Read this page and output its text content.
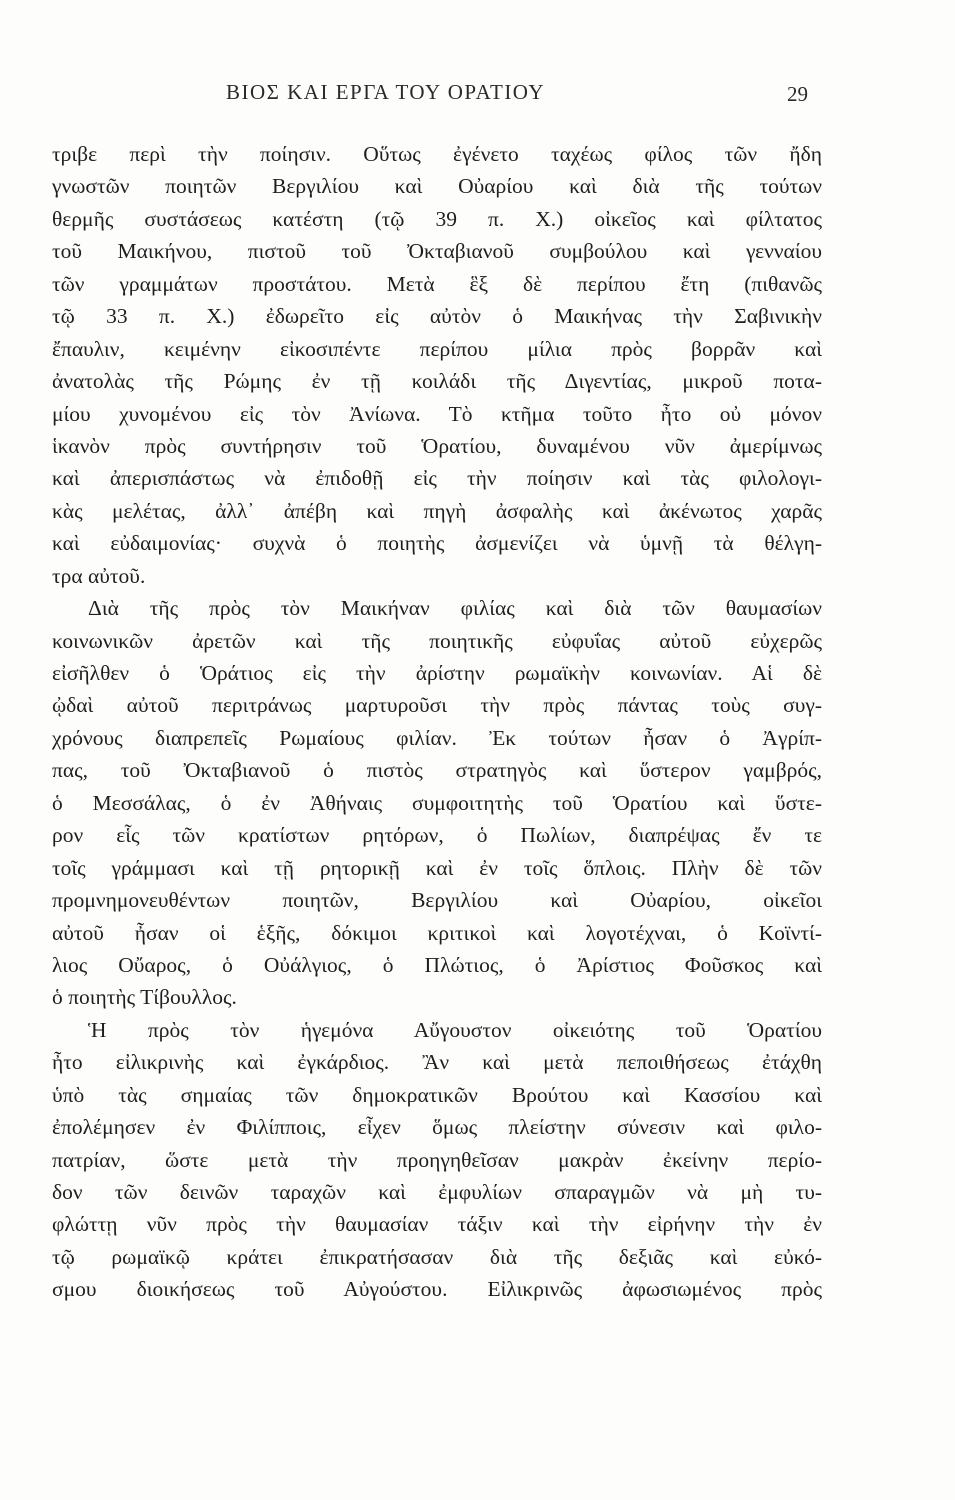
ΒΙΟΣ ΚΑΙ ΕΡΓΑ ΤΟΥ ΟΡΑΤΙΟΥ	29
τριβε περὶ τὴν ποίησιν. Οὕτως ἐγένετο ταχέως φίλος τῶν ἤδη
γνωστῶν ποιητῶν Βεργιλίου καὶ Οὐαρίου καὶ διὰ τῆς τούτων
θερμῆς συστάσεως κατέστη (τῷ 39 π. Χ.) οἰκεῖος καὶ φίλτατος
τοῦ Μαικήνου, πιστοῦ τοῦ Ὀκταβιανοῦ συμβούλου καὶ γενναίου
τῶν γραμμάτων προστάτου. Μετὰ ἓξ δὲ περίπου ἔτη (πιθανῶς
τῷ 33 π. Χ.) ἐδωρεῖτο εἰς αὐτὸν ὁ Μαικήνας τὴν Σαβινικὴν
ἔπαυλιν, κειμένην εἰκοσιπέντε περίπου μίλια πρὸς βορρᾶν καὶ
ἀνατολὰς τῆς Ρώμης ἐν τῇ κοιλάδι τῆς Διγεντίας, μικροῦ ποτα-
μίου χυνομένου εἰς τὸν Ἀνίωνα. Τὸ κτῆμα τοῦτο ἦτο οὐ μόνον
ἱκανὸν πρὸς συντήρησιν τοῦ Ὁρατίου, δυναμένου νῦν ἀμερίμνως
καὶ ἀπερισπάστως νὰ ἐπιδοθῇ εἰς τὴν ποίησιν καὶ τὰς φιλολογι-
κὰς μελέτας, ἀλλ᾽ ἀπέβη καὶ πηγὴ ἀσφαλὴς καὶ ἀκένωτος χαρᾶς
καὶ εὐδαιμονίας· συχνὰ ὁ ποιητὴς ἀσμενίζει νὰ ὑμνῇ τὰ θέλγη-
τρα αὐτοῦ.
Διὰ τῆς πρὸς τὸν Μαικήναν φιλίας καὶ διὰ τῶν θαυμασίων
κοινωνικῶν ἀρετῶν καὶ τῆς ποιητικῆς εὐφυΐας αὐτοῦ εὐχερῶς
εἰσῆλθεν ὁ Ὁράτιος εἰς τὴν ἀρίστην ρωμαϊκὴν κοινωνίαν. Αἱ δὲ
ᾠδαὶ αὐτοῦ περιτράνως μαρτυροῦσι τὴν πρὸς πάντας τοὺς συγ-
χρόνους διαπρεπεῖς Ρωμαίους φιλίαν. Ἐκ τούτων ἦσαν ὁ Ἀγρίπ-
πας, τοῦ Ὀκταβιανοῦ ὁ πιστὸς στρατηγὸς καὶ ὕστερον γαμβρός,
ὁ Μεσσάλας, ὁ ἐν Ἀθήναις συμφοιτητὴς τοῦ Ὁρατίου καὶ ὕστε-
ρον εἷς τῶν κρατίστων ρητόρων, ὁ Πωλίων, διαπρέψας ἔν τε
τοῖς γράμμασι καὶ τῇ ρητορικῇ καὶ ἐν τοῖς ὅπλοις. Πλὴν δὲ τῶν
προμνημονευθέντων ποιητῶν, Βεργιλίου καὶ Οὐαρίου, οἰκεῖοι
αὐτοῦ ἦσαν οἱ ἑξῆς, δόκιμοι κριτικοὶ καὶ λογοτέχναι, ὁ Κοϊντί-
λιος Οὔαρος, ὁ Οὐάλγιος, ὁ Πλώτιος, ὁ Ἀρίστιος Φοῦσκος καὶ
ὁ ποιητὴς Τίβουλλος.
Ἡ πρὸς τὸν ἡγεμόνα Αὔγουστον οἰκειότης τοῦ Ὁρατίου
ἦτο εἰλικρινὴς καὶ ἐγκάρδιος. Ἂν καὶ μετὰ πεποιθήσεως ἐτάχθη
ὑπὸ τὰς σημαίας τῶν δημοκρατικῶν Βρούτου καὶ Κασσίου καὶ
ἐπολέμησεν ἐν Φιλίπποις, εἶχεν ὅμως πλείστην σύνεσιν καὶ φιλο-
πατρίαν, ὥστε μετὰ τὴν προηγηθεῖσαν μακρὰν ἐκείνην περίο-
δον τῶν δεινῶν ταραχῶν καὶ ἐμφυλίων σπαραγμῶν νὰ μὴ τυ-
φλώττῃ νῦν πρὸς τὴν θαυμασίαν τάξιν καὶ τὴν εἰρήνην τὴν ἐν
τῷ ρωμαϊκῷ κράτει ἐπικρατήσασαν διὰ τῆς δεξιᾶς καὶ εὐκό-
σμου διοικήσεως τοῦ Αὐγούστου. Εἰλικρινῶς ἀφωσιωμένος πρὸς
